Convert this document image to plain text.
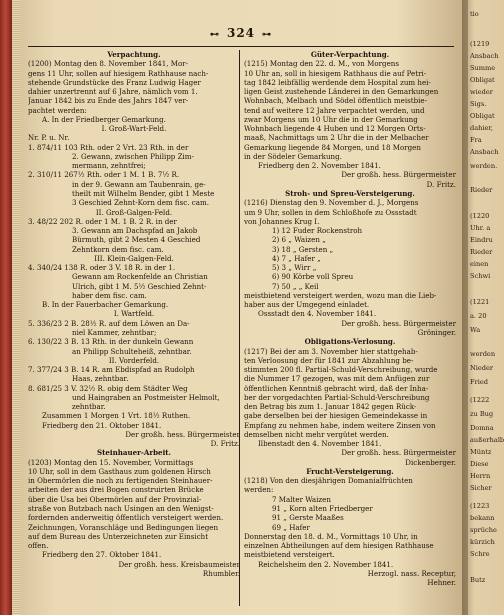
⊷ 324 ⊶
Verpachtung.
(1200) Montag den 8. November 1841, Mor-
gens 11 Uhr, sollen auf hiesigem Rathhause nach-
stehende Grundstücke des Franz Ludwig Hager
dahier unzertrennt auf 6 Jahre, nämlich vom 1.
Januar 1842 bis zu Ende des Jahrs 1847 ver-
pachtet werden:
A. In der Friedberger Gemarkung.
I. Groß-Wart-Feld.
Nr. P. u. Nr.
1. 874/11 103 Rth. oder 2 Vrt. 23 Rth. in der
2. Gewann, zwischen Philipp Zim-
mermann, zehntfrei;
2. 310/11 267½ Rth. oder 1 M. 1 B. 7½ R.
in der 9. Gewann am Taubenrain, ge-
theilt mit Wilhelm Bender, gibt 1 Meste
3 Geschied Zehnt-Korn dem fisc. cam.
II. Groß-Galgen-Feld.
3. 48/22 202 R. oder 1 M. 1 B. 2 R. in der
3. Gewann am Dachspfad an Jakob
Bürmuth, gibt 2 Mesten 4 Geschied
Zehntkorn dem fisc. cam.
III. Klein-Galgen-Feld.
4. 340/24 138 R. oder 3 V. 18 R. in der 1.
Gewann am Rockenfelde an Christian
Ulrich, gibt 1 M. 5½ Geschied Zehnt-
haber dem fisc. cam.
B. In der Fauerbacher Gemarkung.
I. Wartfeld.
5. 336/23 2 B. 28½ R. auf dem Löwen an Da-
niel Kammer, zehntbar;
6. 130/22 3 B. 13 Rth. in der dunkeln Gewann
an Philipp Schulteheiß, zehntbar.
II. Vorderfeld.
7. 377/24 3 B. 14 R. am Ebdispfad an Rudolph
Haas, zehntbar.
8. 681/25 3 V. 32½ R. obig dem Städter Weg
und Haingraben an Postmeister Helmolt,
zehntbar.
Zusammen 1 Morgen 1 Vrt. 18½ Ruthen.
Friedberg den 21. Oktober 1841.
Der großh. hess. Bürgermeister
D. Fritz.
Steinhauer-Arbeit.
(1203) Montag den 15. November, Vormittags
10 Uhr, soll in dem Gasthaus zum goldenen Hirsch
in Obermörlen die noch zu fertigenden Steinhauer-
arbeiten der aus drei Bogen construirten Brücke
über die Usa bei Obermörlen auf der Provinzial-
straße von Butzbach nach Usingen an den Wenigst-
fordernden anderweitig öffentlich versteigert werden.
Zeichnungen, Voranschläge und Bedingungen liegen
auf dem Bureau des Unterzeichneten zur Einsicht
offen.
Friedberg den 27. Oktober 1841.
Der großh. hess. Kreisbaumeister
Rhumbler.
Güter-Verpachtung.
(1215) Montag den 22. d. M., von Morgens
10 Uhr an, soll in hiesigem Rathhaus die auf Petri-
tag 1842 leibfällig werdende dem Hospital zum hei-
ligen Geist zustehende Länderei in den Gemarkungen
Wohnbach, Melbach und Södel öffentlich meistbie-
tend auf weitere 12 Jahre verpachtet werden, und
zwar Morgens um 10 Uhr die in der Gemarkung
Wohnbach liegende 4 Huben und 12 Morgen Orts-
maaß, Nachmittags um 2 Uhr die in der Melbacher
Gemarkung liegende 84 Morgen, und 18 Morgen
in der Södeler Gemarkung.
Friedberg den 2. November 1841.
Der großh. hess. Bürgermeister
D. Fritz.
Stroh- und Spreu-Versteigerung.
(1216) Dienstag den 9. November d. J., Morgens
um 9 Uhr, sollen in dem Schloßhofe zu Ossstadt
von Johannes Krug I.
1) 12 Fuder Rockenstroh
2) 6 „ Waizen „
3) 18 „ Gersten „
4) 7 „ Hafer „
5) 3 „ Wirr „
6) 90 Körbe voll Spreu
7) 50 „ „ Keil
meistbietend versteigert werden, wozu man die Lieb-
haber aus der Umgegend einladet.
Ossstadt den 4. November 1841.
Der großh. hess. Bürgermeister
Gröninger.
Obligations-Verlosung.
(1217) Bei der am 3. November hier stattgehab-
ten Verloosung der für 1841 zur Abzahlung be-
stimmten 200 fl. Partial-Schuld-Verschreibung, wurde
die Nummer 17 gezogen, was mit dem Anfügen zur
öffentlichen Kenntniß gebracht wird, daß der Inha-
ber der vorgedachten Partial-Schuld-Verschreibung
den Betrag bis zum 1. Januar 1842 gegen Rück-
gabe derselben bei der hiesigen Gemeindekasse in
Empfang zu nehmen habe, indem weitere Zinsen von
demselben nicht mehr vergütet werden.
Ilbenstadt den 4. November 1841.
Der großh. hess. Bürgermeister
Dickenberger.
Frucht-Versteigerung.
(1218) Von den diesjährigen Domanialfrüchten
werden:
7 Malter Waizen
91 „ Korn alten Friedberger
91 „ Gerste Maaßes
69 „ Hafer
Donnerstag den 18. d. M., Vormittags 10 Uhr, in
einzelnen Abtheilungen auf dem hiesigen Rathhause
meistbietend versteigert.
Reichelsheim den 2. November 1841.
Herzogl. nass. Receptur,
Hehner.
tio
(1219
Ansbach
Summe
Obligat
wieder
Sigs.
Obligat
dahier,
Fra
Ansbach
werden.
Rieder
(1220
Uhr. a
Eindru
Rieder
einen
Schwi
(1221
a. 20
Wa
werden
Nieder
Fried
(1222
zu Bug
Domna
außerhalb
Müntz
Diese
Herrn
Sicher
(1223
bekann
sprüche
kürzich
Schre
Butz
